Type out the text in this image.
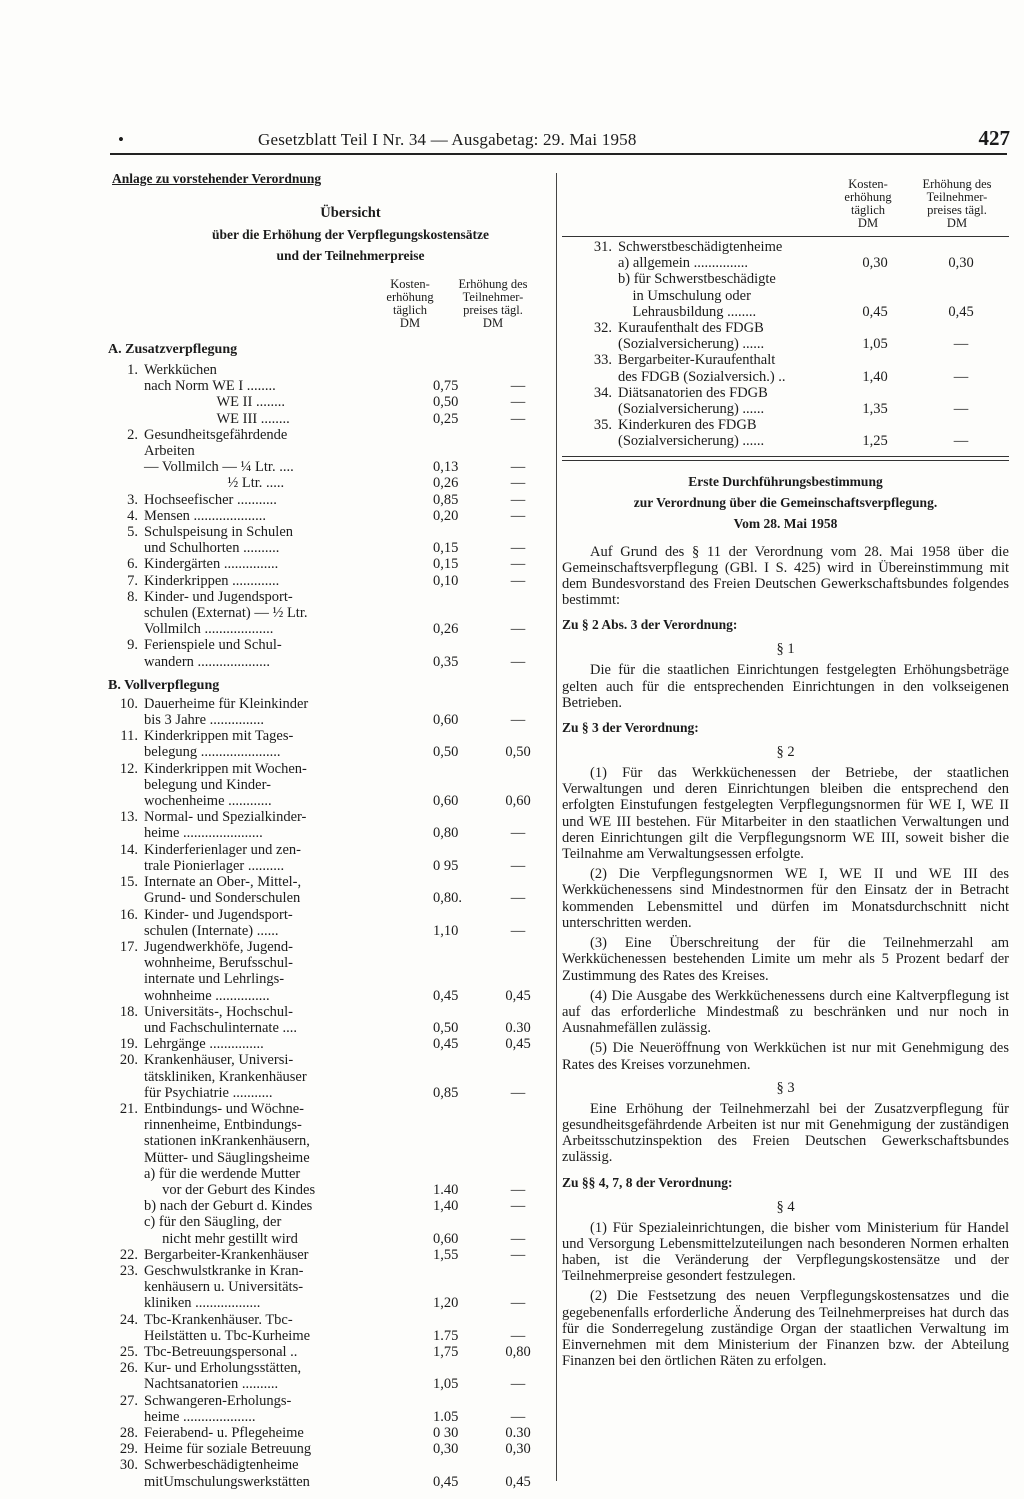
•	Gesetzblatt Teil I Nr. 34 — Ausgabetag: 29. Mai 1958	427
Anlage zu vorstehender Verordnung
Übersicht
über die Erhöhung der Verpflegungskostensätze
und der Teilnehmerpreise
Kosten-
erhöhung
täglich
DM
Erhöhung des
Teilnehmer-
preises tägl.
DM
A. Zusatzverpflegung
1. Werkküchen
nach Norm WE I ........	0,75	—
WE II ........	0,50	—
WE III ........	0,25	—
2. Gesundheitsgefährdende
Arbeiten
— Vollmilch — ¼ Ltr. ....	0,13	—
½ Ltr. .....	0,26	—
3. Hochseefischer ...........	0,85	—
4. Mensen ....................	0,20	—
5. Schulspeisung in Schulen
und Schulhorten ..........	0,15	—
6. Kindergärten ...............	0,15	—
7. Kinderkrippen .............	0,10	—
8. Kinder- und Jugendsport-
schulen (Externat) — ½ Ltr.
Vollmilch ...................	0,26	—
9. Ferienspiele und Schul-
wandern ....................	0,35	—
B. Vollverpflegung
10. Dauerheime für Kleinkinder
bis 3 Jahre ...............	0,60	—
11. Kinderkrippen mit Tages-
belegung ......................	0,50	0,50
12. Kinderkrippen mit Wochen-
belegung und Kinder-
wochenheime ............	0,60	0,60
13. Normal- und Spezialkinder-
heime ......................	0,80	—
14. Kinderferienlager und zen-
trale Pionierlager ..........	0 95	—
15. Internate an Ober-, Mittel-,
Grund- und Sonderschulen	0,80.	—
16. Kinder- und Jugendsport-
schulen (Internate) ......	1,10	—
17. Jugendwerkhöfe, Jugend-
wohnheime, Berufsschul-
internate und Lehrlings-
wohnheime ...............	0,45	0,45
18. Universitäts-, Hochschul-
und Fachschulinternate ....	0,50	0.30
19. Lehrgänge ...............	0,45	0,45
20. Krankenhäuser, Universi-
tätskliniken, Krankenhäuser
für Psychiatrie ...........	0,85	—
21. Entbindungs- und Wöchne-
rinnenheime, Entbindungs-
stationen inKrankenhäusern,
Mütter- und Säuglingsheime
a) für die werdende Mutter
vor der Geburt des Kindes	1.40	—
b) nach der Geburt d. Kindes	1,40	—
c) für den Säugling, der
nicht mehr gestillt wird	0,60	—
22. Bergarbeiter-Krankenhäuser	1,55	—
23. Geschwulstkranke in Kran-
kenhäusern u. Universitäts-
kliniken ..................	1,20	—
24. Tbc-Krankenhäuser. Tbc-
Heilstätten u. Tbc-Kurheime	1.75	—
25. Tbc-Betreuungspersonal ..	1,75	0,80
26. Kur- und Erholungsstätten,
Nachtsanatorien ..........	1,05	—
27. Schwangeren-Erholungs-
heime ....................	1.05	—
28. Feierabend- u. Pflegeheime	0 30	0.30
29. Heime für soziale Betreuung	0,30	0,30
30. Schwerbeschädigtenheime
mitUmschulungswerkstätten	0,45	0,45
Kosten-
erhöhung
täglich
DM
Erhöhung des
Teilnehmer-
preises tägl.
DM
31. Schwerstbeschädigtenheime
a) allgemein ...............	0,30	0,30
b) für Schwerstbeschädigte
in Umschulung oder
Lehrausbildung ........	0,45	0,45
32. Kuraufenthalt des FDGB
(Sozialversicherung) ......	1,05	—
33. Bergarbeiter-Kuraufenthalt
des FDGB (Sozialversich.) ..	1,40	—
34. Diätsanatorien des FDGB
(Sozialversicherung) ......	1,35	—
35. Kinderkuren des FDGB
(Sozialversicherung) ......	1,25	—
Erste Durchführungsbestimmung
zur Verordnung über die Gemeinschaftsverpflegung.
Vom 28. Mai 1958

Auf Grund des § 11 der Verordnung vom 28. Mai 1958 über die Gemeinschaftsverpflegung (GBl. I S. 425) wird in Übereinstimmung mit dem Bundesvorstand des Freien Deutschen Gewerkschaftsbundes folgendes bestimmt:

Zu § 2 Abs. 3 der Verordnung:
§ 1

Die für die staatlichen Einrichtungen festgelegten Erhöhungsbeträge gelten auch für die entsprechenden Einrichtungen in den volkseigenen Betrieben.

Zu § 3 der Verordnung:
§ 2

(1) Für das Werkküchenessen der Betriebe, der staatlichen Verwaltungen und deren Einrichtungen bleiben die entsprechend den erfolgten Einstufungen festgelegten Verpflegungsnormen für WE I, WE II und WE III bestehen. Für Mitarbeiter in den staatlichen Verwaltungen und deren Einrichtungen gilt die Verpflegungsnorm WE III, soweit bisher die Teilnahme am Verwaltungsessen erfolgte.

(2) Die Verpflegungsnormen WE I, WE II und WE III des Werkküchenessens sind Mindestnormen für den Einsatz der in Betracht kommenden Lebensmittel und dürfen im Monatsdurchschnitt nicht unterschritten werden.

(3) Eine Überschreitung der für die Teilnehmerzahl am Werkküchenessen bestehenden Limite um mehr als 5 Prozent bedarf der Zustimmung des Rates des Kreises.

(4) Die Ausgabe des Werkküchenessens durch eine Kaltverpflegung ist auf das erforderliche Mindestmaß zu beschränken und nur noch in Ausnahmefällen zulässig.

(5) Die Neueröffnung von Werkküchen ist nur mit Genehmigung des Rates des Kreises vorzunehmen.

§ 3

Eine Erhöhung der Teilnehmerzahl bei der Zusatzverpflegung für gesundheitsgefährdende Arbeiten ist nur mit Genehmigung der zuständigen Arbeitsschutzinspektion des Freien Deutschen Gewerkschaftsbundes zulässig.

Zu §§ 4, 7, 8 der Verordnung:
§ 4

(1) Für Spezialeinrichtungen, die bisher vom Ministerium für Handel und Versorgung Lebensmittelzuteilungen nach besonderen Normen erhalten haben, ist die Veränderung der Verpflegungskostensätze und der Teilnehmerpreise gesondert festzulegen.

(2) Die Festsetzung des neuen Verpflegungskostensatzes und die gegebenenfalls erforderliche Änderung des Teilnehmerpreises hat durch das für die Sonderregelung zuständige Organ der staatlichen Verwaltung im Einvernehmen mit dem Ministerium der Finanzen bzw. der Abteilung Finanzen bei den örtlichen Räten zu erfolgen.
